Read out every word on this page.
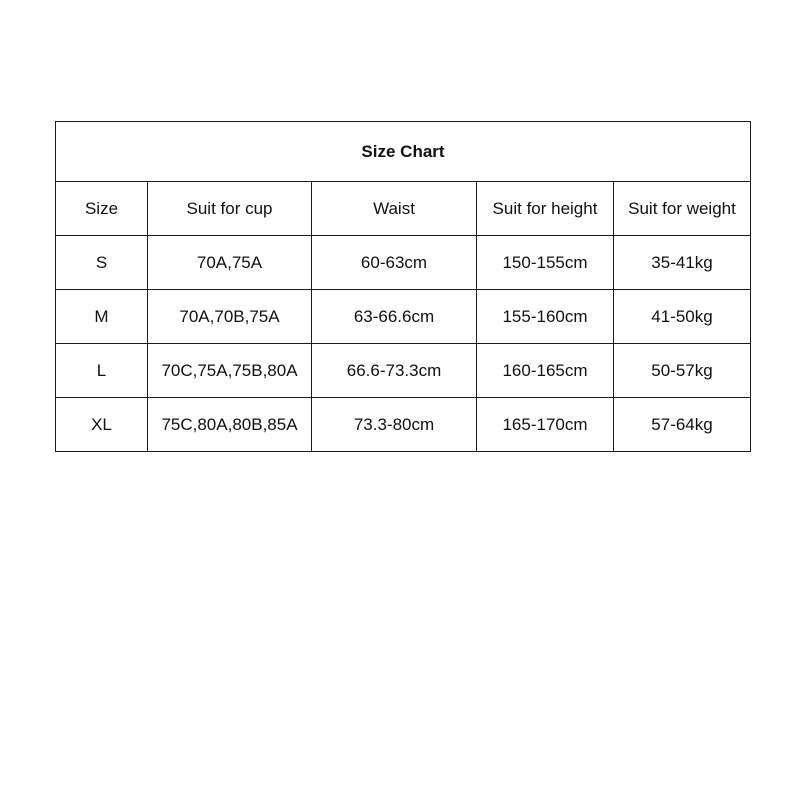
Size Chart				
Size	Suit for cup	Waist	Suit for height	Suit for weight
S	70A,75A	60-63cm	150-155cm	35-41kg
M	70A,70B,75A	63-66.6cm	155-160cm	41-50kg
L	70C,75A,75B,80A	66.6-73.3cm	160-165cm	50-57kg
XL	75C,80A,80B,85A	73.3-80cm	165-170cm	57-64kg
